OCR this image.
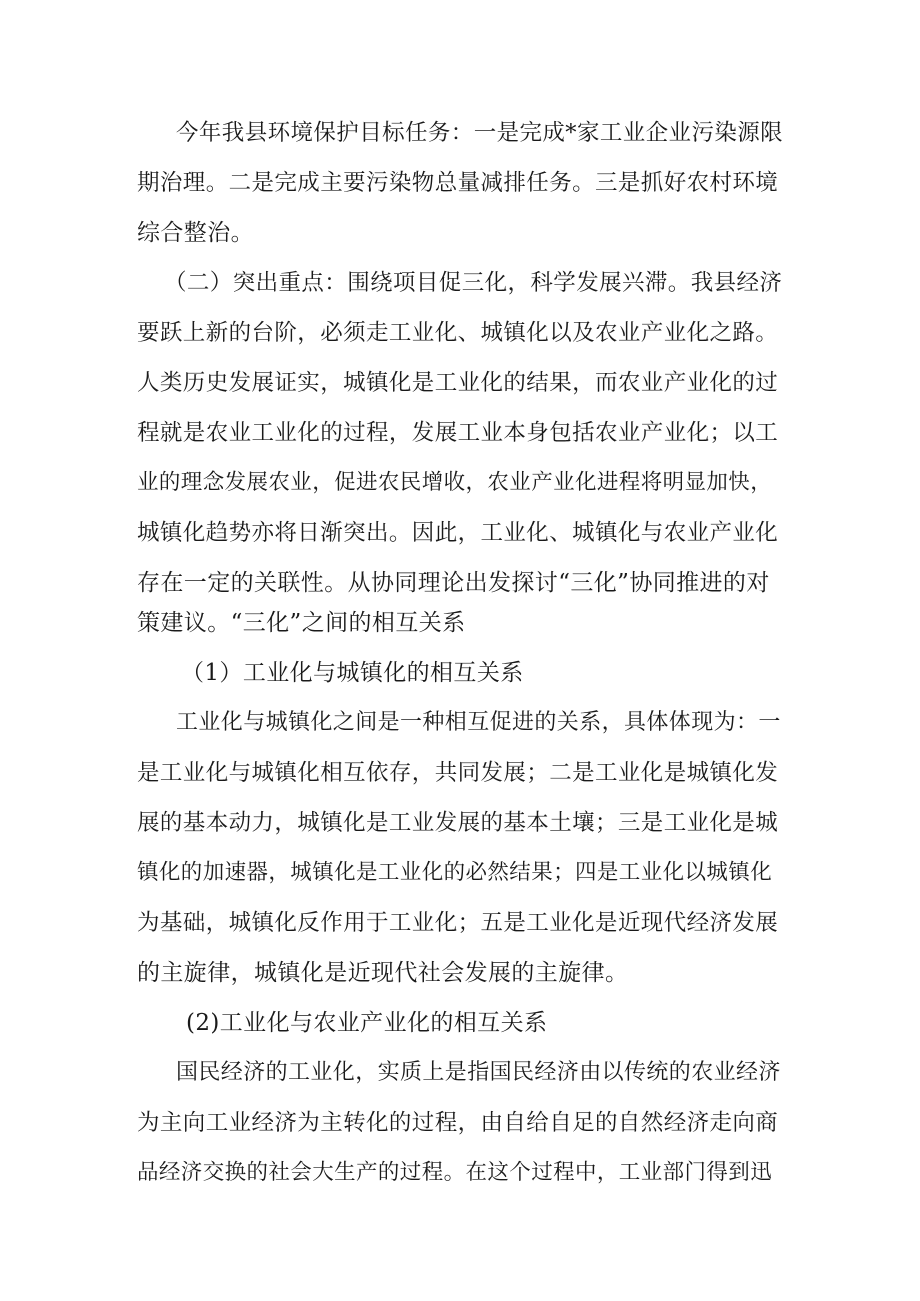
今年我县环境保护目标任务：一是完成*家工业企业污染源限
期治理。二是完成主要污染物总量减排任务。三是抓好农村环境
综合整治。
（二）突出重点：围绕项目促三化，科学发展兴滞。我县经济
要跃上新的台阶，必须走工业化、城镇化以及农业产业化之路。
人类历史发展证实，城镇化是工业化的结果，而农业产业化的过
程就是农业工业化的过程，发展工业本身包括农业产业化；以工
业的理念发展农业，促进农民增收，农业产业化进程将明显加快，
城镇化趋势亦将日渐突出。因此，工业化、城镇化与农业产业化
存在一定的关联性。从协同理论出发探讨“三化”协同推进的对
策建议。“三化”之间的相互关系
（1）工业化与城镇化的相互关系
工业化与城镇化之间是一种相互促进的关系，具体体现为：一
是工业化与城镇化相互依存，共同发展；二是工业化是城镇化发
展的基本动力，城镇化是工业发展的基本土壤；三是工业化是城
镇化的加速器，城镇化是工业化的必然结果；四是工业化以城镇化
为基础，城镇化反作用于工业化；五是工业化是近现代经济发展
的主旋律，城镇化是近现代社会发展的主旋律。
(2)工业化与农业产业化的相互关系
国民经济的工业化，实质上是指国民经济由以传统的农业经济
为主向工业经济为主转化的过程，由自给自足的自然经济走向商
品经济交换的社会大生产的过程。在这个过程中，工业部门得到迅
